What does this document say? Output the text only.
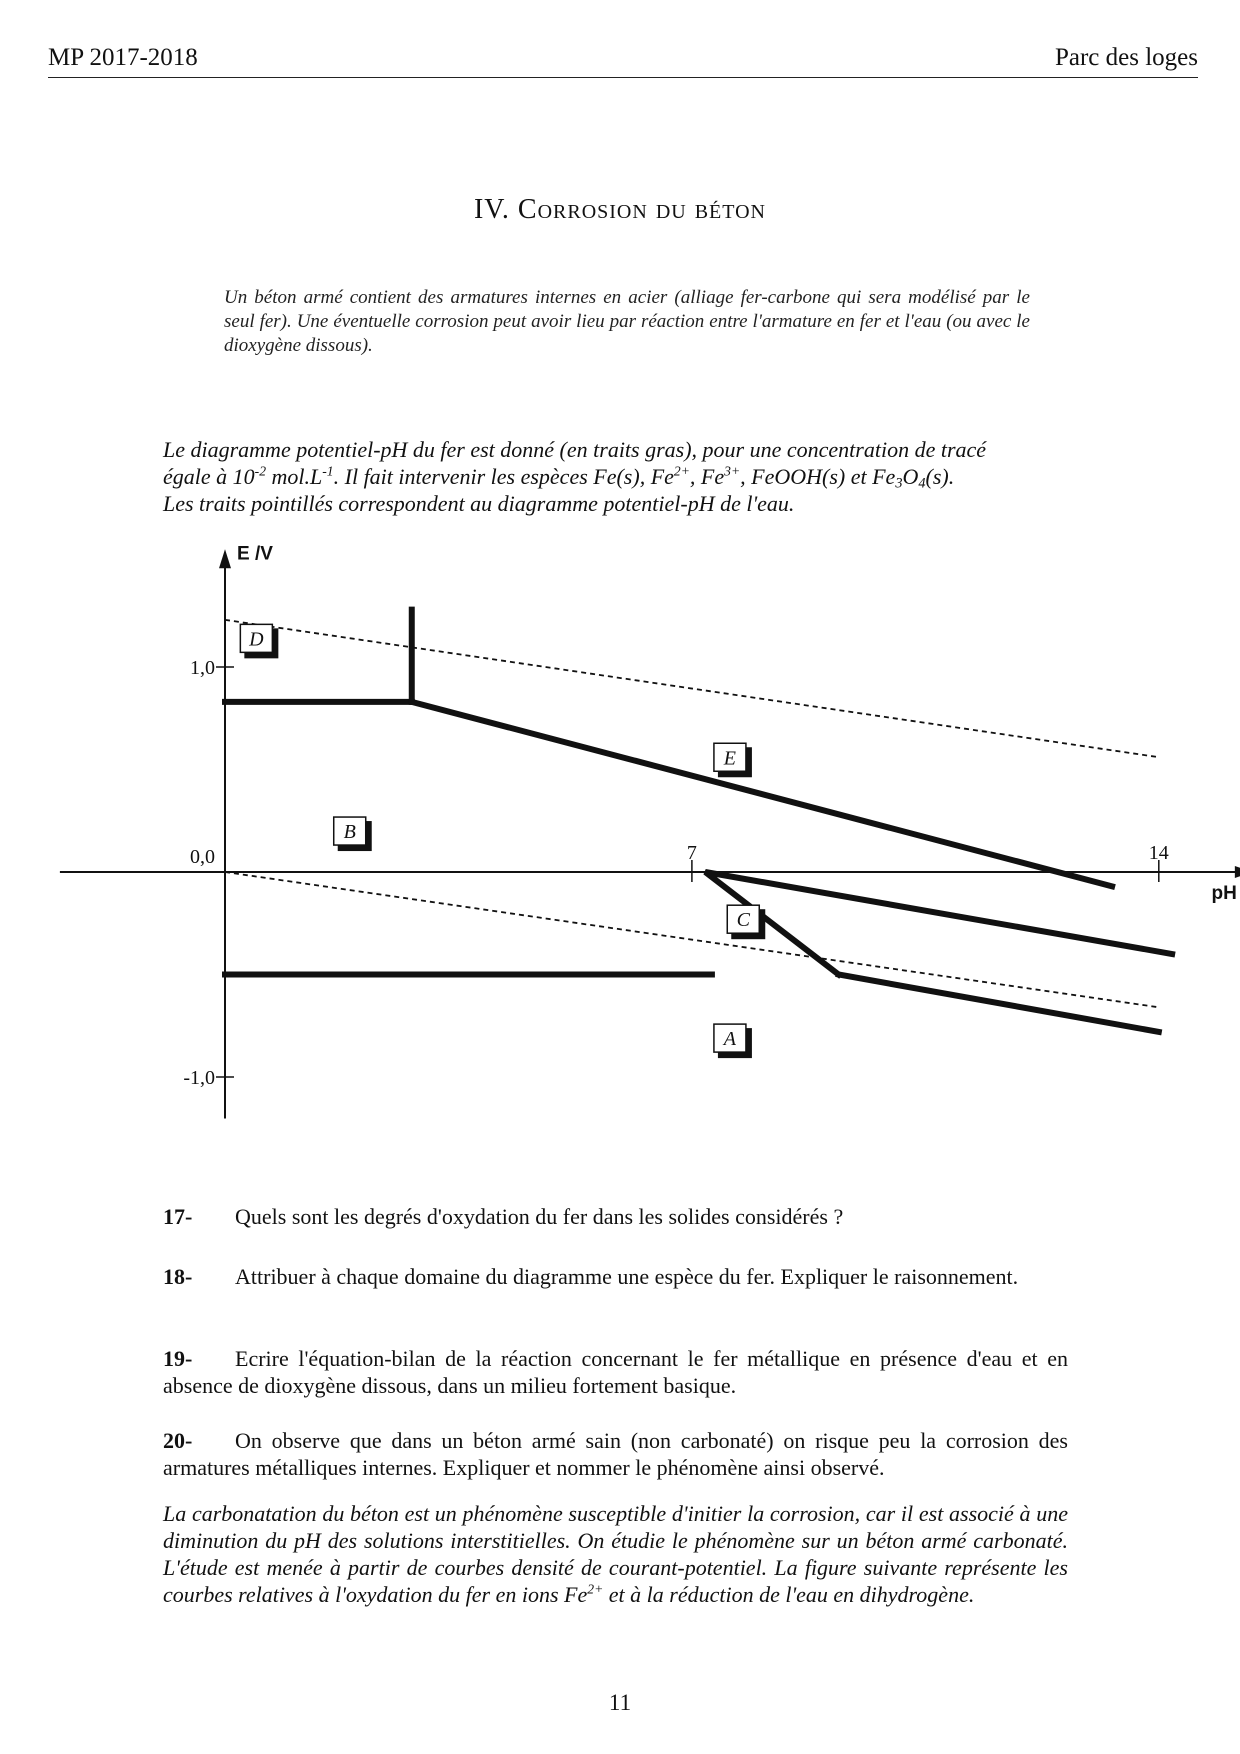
MP 2017-2018	Parc des loges
IV. Corrosion du béton
Un béton armé contient des armatures internes en acier (alliage fer-carbone qui sera modélisé par le seul fer). Une éventuelle corrosion peut avoir lieu par réaction entre l'armature en fer et l'eau (ou avec le dioxygène dissous).
Le diagramme potentiel-pH du fer est donné (en traits gras), pour une concentration de tracé
égale à $10^{-2}$ $mol.L^{-1}$. Il fait intervenir les espèces Fe(s), $Fe^{2+}$, $Fe^{3+}$, FeOOH(s) et $Fe_3O_4(s)$.
Les traits pointillés correspondent au diagramme potentiel-pH de l'eau.
E /V
pH
1,0
0,0
-1,0
7	14
D
E
B
C
A
17- Quels sont les degrés d'oxydation du fer dans les solides considérés ?
18- Attribuer à chaque domaine du diagramme une espèce du fer. Expliquer le raisonnement.
19- Ecrire l'équation-bilan de la réaction concernant le fer métallique en présence d'eau et en absence de dioxygène dissous, dans un milieu fortement basique.
20- On observe que dans un béton armé sain (non carbonaté) on risque peu la corrosion des armatures métalliques internes. Expliquer et nommer le phénomène ainsi observé.
La carbonatation du béton est un phénomène susceptible d'initier la corrosion, car il est associé à une diminution du pH des solutions interstitielles. On étudie le phénomène sur un béton armé carbonaté. L'étude est menée à partir de courbes densité de courant-potentiel. La figure suivante représente les courbes relatives à l'oxydation du fer en ions $Fe^{2+}$ et à la réduction de l'eau en dihydrogène.
11
